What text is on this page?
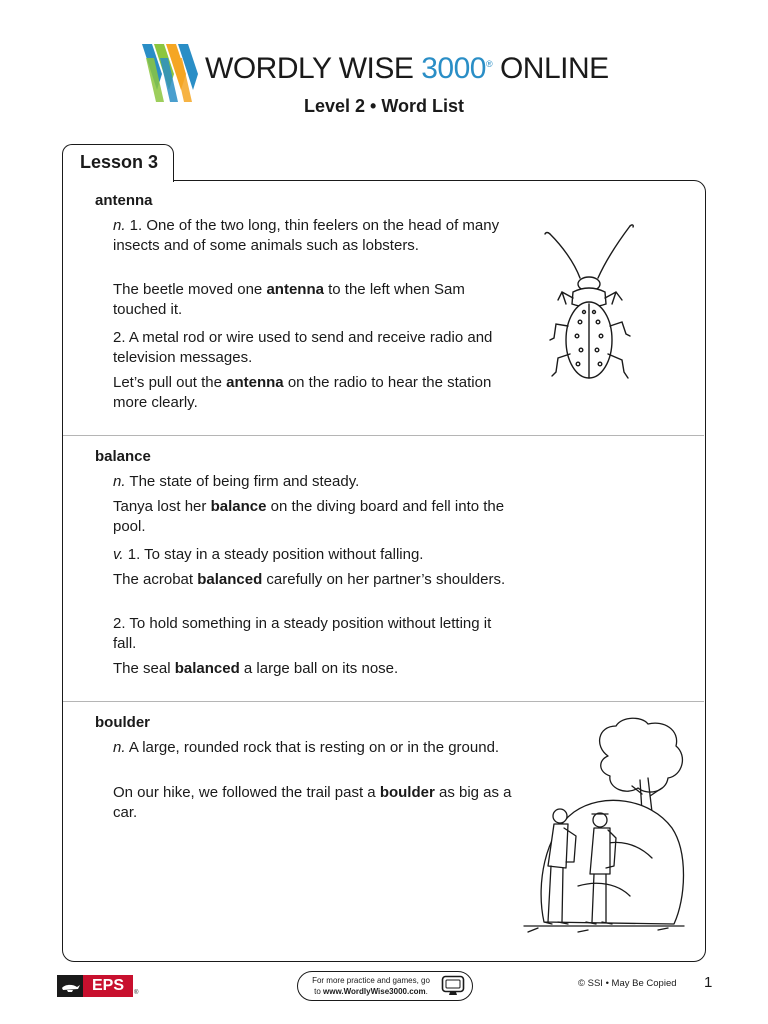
WORDLY WISE 3000® ONLINE
Level 2 • Word List
Lesson 3
antenna
n. 1. One of the two long, thin feelers on the head of many insects and of some animals such as lobsters.
The beetle moved one antenna to the left when Sam touched it.
2. A metal rod or wire used to send and receive radio and television messages.
Let’s pull out the antenna on the radio to hear the station more clearly.
balance
n. The state of being firm and steady.
Tanya lost her balance on the diving board and fell into the pool.
v. 1. To stay in a steady position without falling.
The acrobat balanced carefully on her partner’s shoulders.
2. To hold something in a steady position without letting it fall.
The seal balanced a large ball on its nose.
boulder
n. A large, rounded rock that is resting on or in the ground.
On our hike, we followed the trail past a boulder as big as a car.
EPS	®
For more practice and games, go
to www.WordlyWise3000.com.
© SSI • May Be Copied 1
